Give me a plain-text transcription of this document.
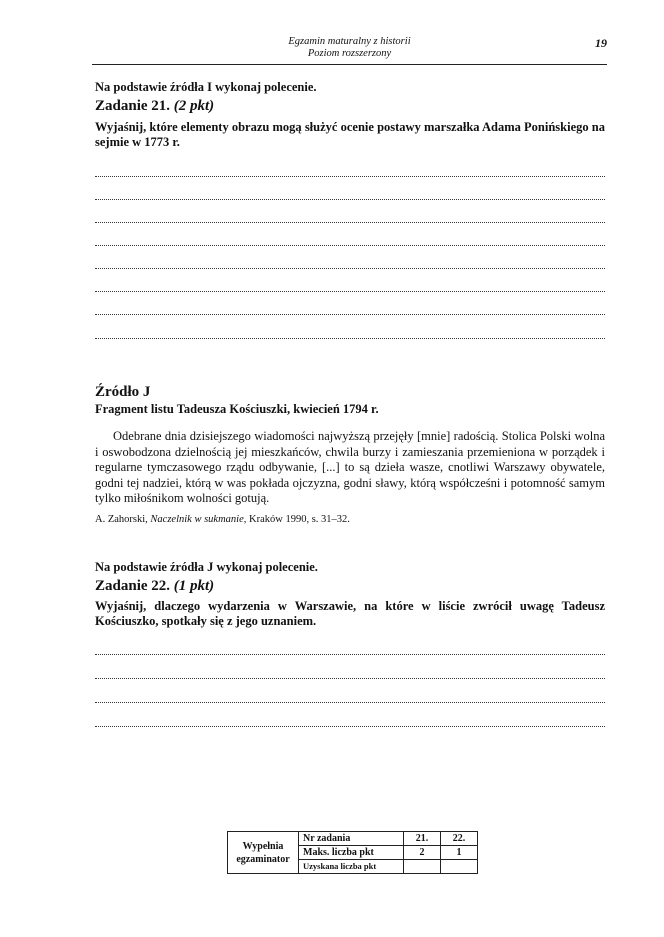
Egzamin maturalny z historii
Poziom rozszerzony
19
Na podstawie źródła I wykonaj polecenie.
Zadanie 21. (2 pkt)
Wyjaśnij, które elementy obrazu mogą służyć ocenie postawy marszałka Adama Ponińskiego na sejmie w 1773 r.
Źródło J
Fragment listu Tadeusza Kościuszki, kwiecień 1794 r.
Odebrane dnia dzisiejszego wiadomości najwyższą przejęły [mnie] radością. Stolica Polski wolna i oswobodzona dzielnością jej mieszkańców, chwila burzy i zamieszania przemieniona w porządek i regularne tymczasowego rządu odbywanie, [...] to są dzieła wasze, cnotliwi Warszawy obywatele, godni tej nadziei, którą w was pokłada ojczyzna, godni sławy, którą współcześni i potomność samym tylko miłośnikom wolności gotują.
A. Zahorski, Naczelnik w sukmanie, Kraków 1990, s. 31–32.
Na podstawie źródła J wykonaj polecenie.
Zadanie 22. (1 pkt)
Wyjaśnij, dlaczego wydarzenia w Warszawie, na które w liście zwrócił uwagę Tadeusz Kościuszko, spotkały się z jego uznaniem.
Wypełnia egzaminator	Nr zadania	21.	22.
	Maks. liczba pkt	2	1
	Uzyskana liczba pkt		
